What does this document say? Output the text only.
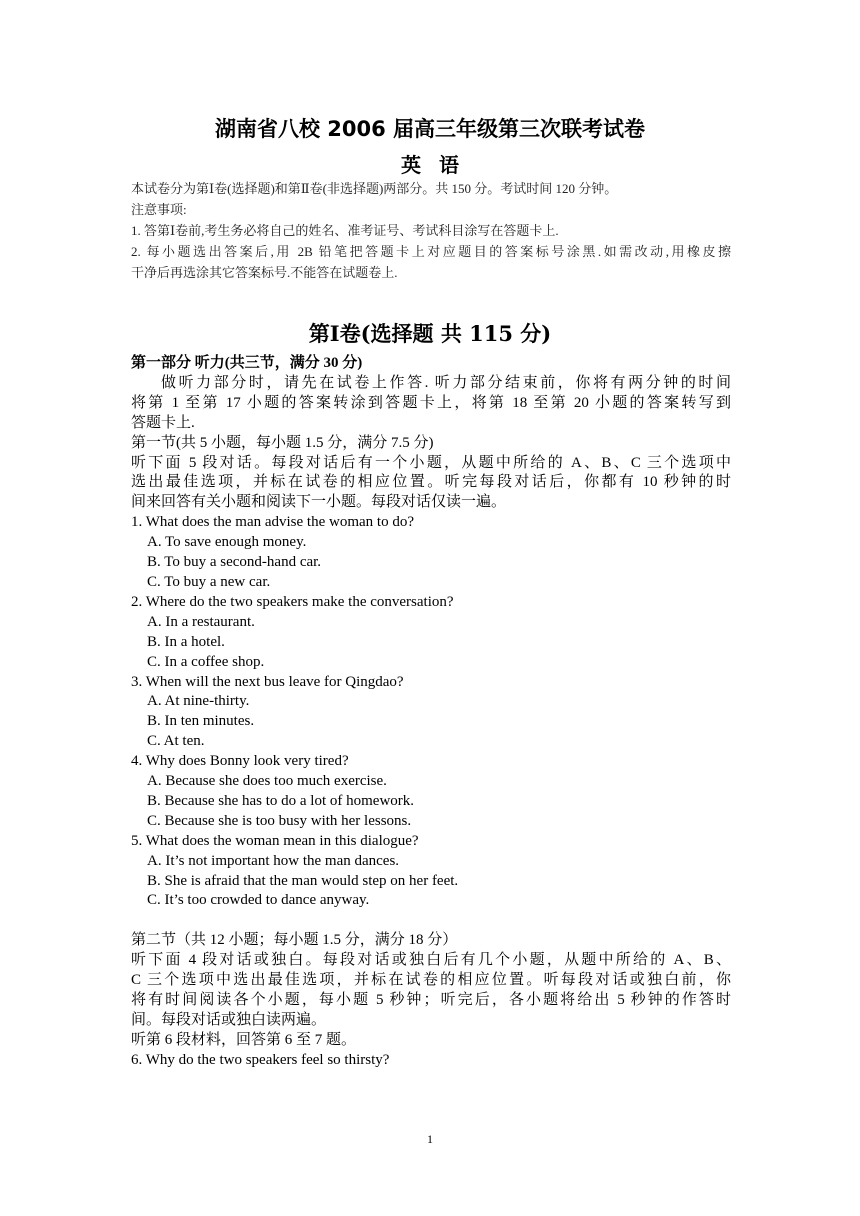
湖南省八校 2006 届高三年级第三次联考试卷
英语

本试卷分为第Ⅰ卷(选择题)和第Ⅱ卷(非选择题)两部分。共 150 分。考试时间 120 分钟。

注意事项:

1. 答第Ⅰ卷前,考生务必将自己的姓名、准考证号、考试科目涂写在答题卡上.

2. 每小题选出答案后,用 2B 铅笔把答题卡上对应题目的答案标号涂黑.如需改动,用橡皮擦

干净后再选涂其它答案标号.不能答在试题卷上.

第Ⅰ卷(选择题 共 115 分)

第一部分 听力(共三节，满分 30 分)

做听力部分时，请先在试卷上作答. 听力部分结束前，你将有两分钟的时间

将第 1 至第 17 小题的答案转涂到答题卡上，将第 18 至第 20 小题的答案转写到

答题卡上.

第一节(共 5 小题，每小题 1.5 分，满分 7.5 分)

听下面 5 段对话。每段对话后有一个小题，从题中所给的 A、B、C 三个选项中

选出最佳选项，并标在试卷的相应位置。听完每段对话后，你都有 10 秒钟的时

间来回答有关小题和阅读下一小题。每段对话仅读一遍。

1. What does the man advise the woman to do?

A. To save enough money.

B. To buy a second-hand car.

C. To buy a new car.

2. Where do the two speakers make the conversation?

A. In a restaurant.

B. In a hotel.

C. In a coffee shop.

3. When will the next bus leave for Qingdao?

A. At nine-thirty.

B. In ten minutes.

C. At ten.

4. Why does Bonny look very tired?

A. Because she does too much exercise.

B. Because she has to do a lot of homework.

C. Because she is too busy with her lessons.

5. What does the woman mean in this dialogue?

A. It’s not important how the man dances.

B. She is afraid that the man would step on her feet.

C. It’s too crowded to dance anyway.

第二节（共 12 小题；每小题 1.5 分，满分 18 分）

听下面 4 段对话或独白。每段对话或独白后有几个小题，从题中所给的 A、B、

C 三个选项中选出最佳选项，并标在试卷的相应位置。听每段对话或独白前，你

将有时间阅读各个小题，每小题 5 秒钟；听完后，各小题将给出 5 秒钟的作答时

间。每段对话或独白读两遍。

听第 6 段材料，回答第 6 至 7 题。

6. Why do the two speakers feel so thirsty?

1
